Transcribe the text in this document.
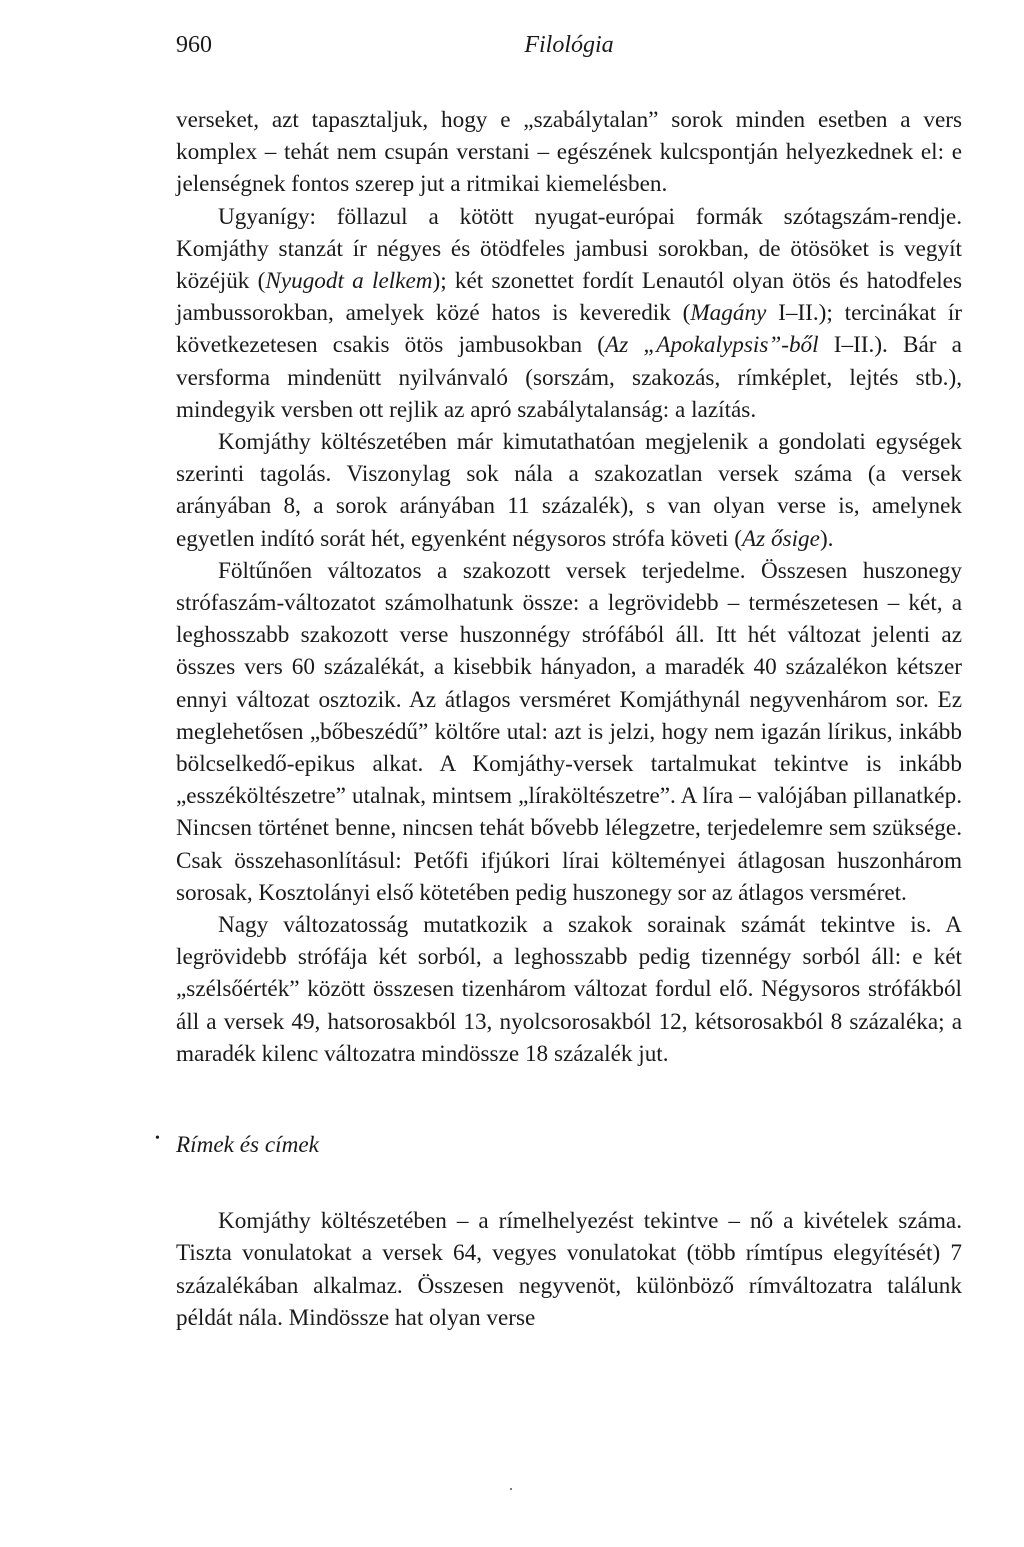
960	Filológia

verseket, azt tapasztaljuk, hogy e „szabálytalan” sorok minden esetben a vers komplex – tehát nem csupán verstani – egészének kulcspontján helyezkednek el: e jelenségnek fontos szerep jut a ritmikai kiemelésben.

Ugyanígy: föllazul a kötött nyugat-európai formák szótagszám-rendje. Komjáthy stanzát ír négyes és ötödfeles jambusi sorokban, de ötösöket is vegyít közéjük (Nyugodt a lelkem); két szonettet fordít Lenautól olyan ötös és hatodfeles jambussorokban, amelyek közé hatos is keveredik (Magány I–II.); tercinákat ír következetesen csakis ötös jambusokban (Az „Apokalypsis”-ből I–II.). Bár a versforma mindenütt nyilvánvaló (sorszám, szakozás, rímképlet, lejtés stb.), mindegyik versben ott rejlik az apró szabálytalanság: a lazítás.

Komjáthy költészetében már kimutathatóan megjelenik a gondolati egységek szerinti tagolás. Viszonylag sok nála a szakozatlan versek száma (a versek arányában 8, a sorok arányában 11 százalék), s van olyan verse is, amelynek egyetlen indító sorát hét, egyenként négysoros strófa követi (Az ősige).

Föltűnően változatos a szakozott versek terjedelme. Összesen huszonegy strófaszám-változatot számolhatunk össze: a legrövidebb – természetesen – két, a leghosszabb szakozott verse huszonnégy strófából áll. Itt hét változat jelenti az összes vers 60 százalékát, a kisebbik hányadon, a maradék 40 százalékon kétszer ennyi változat osztozik. Az átlagos versméret Komjáthynál negyvenhárom sor. Ez meglehetősen „bőbeszédű” költőre utal: azt is jelzi, hogy nem igazán lírikus, inkább bölcselkedő-epikus alkat. A Komjáthy-versek tartalmukat tekintve is inkább „esszéköltészetre” utalnak, mintsem „líraköltészetre”. A líra – valójában pillanatkép. Nincsen történet benne, nincsen tehát bővebb lélegzetre, terjedelemre sem szüksége. Csak összehasonlításul: Petőfi ifjúkori lírai költeményei átlagosan huszonhárom sorosak, Kosztolányi első kötetében pedig huszonegy sor az átlagos versméret.

Nagy változatosság mutatkozik a szakok sorainak számát tekintve is. A legrövidebb strófája két sorból, a leghosszabb pedig tizennégy sorból áll: e két „szélsőérték” között összesen tizenhárom változat fordul elő. Négysoros strófákból áll a versek 49, hatsorosakból 13, nyolcsorosakból 12, kétsorosakból 8 százaléka; a maradék kilenc változatra mindössze 18 százalék jut.

• Rímek és címek

Komjáthy költészetében – a rímelhelyezést tekintve – nő a kivételek száma. Tiszta vonulatokat a versek 64, vegyes vonulatokat (több rímtípus elegyítését) 7 százalékában alkalmaz. Összesen negyvenöt, különböző rímváltozatra találunk példát nála. Mindössze hat olyan verse
